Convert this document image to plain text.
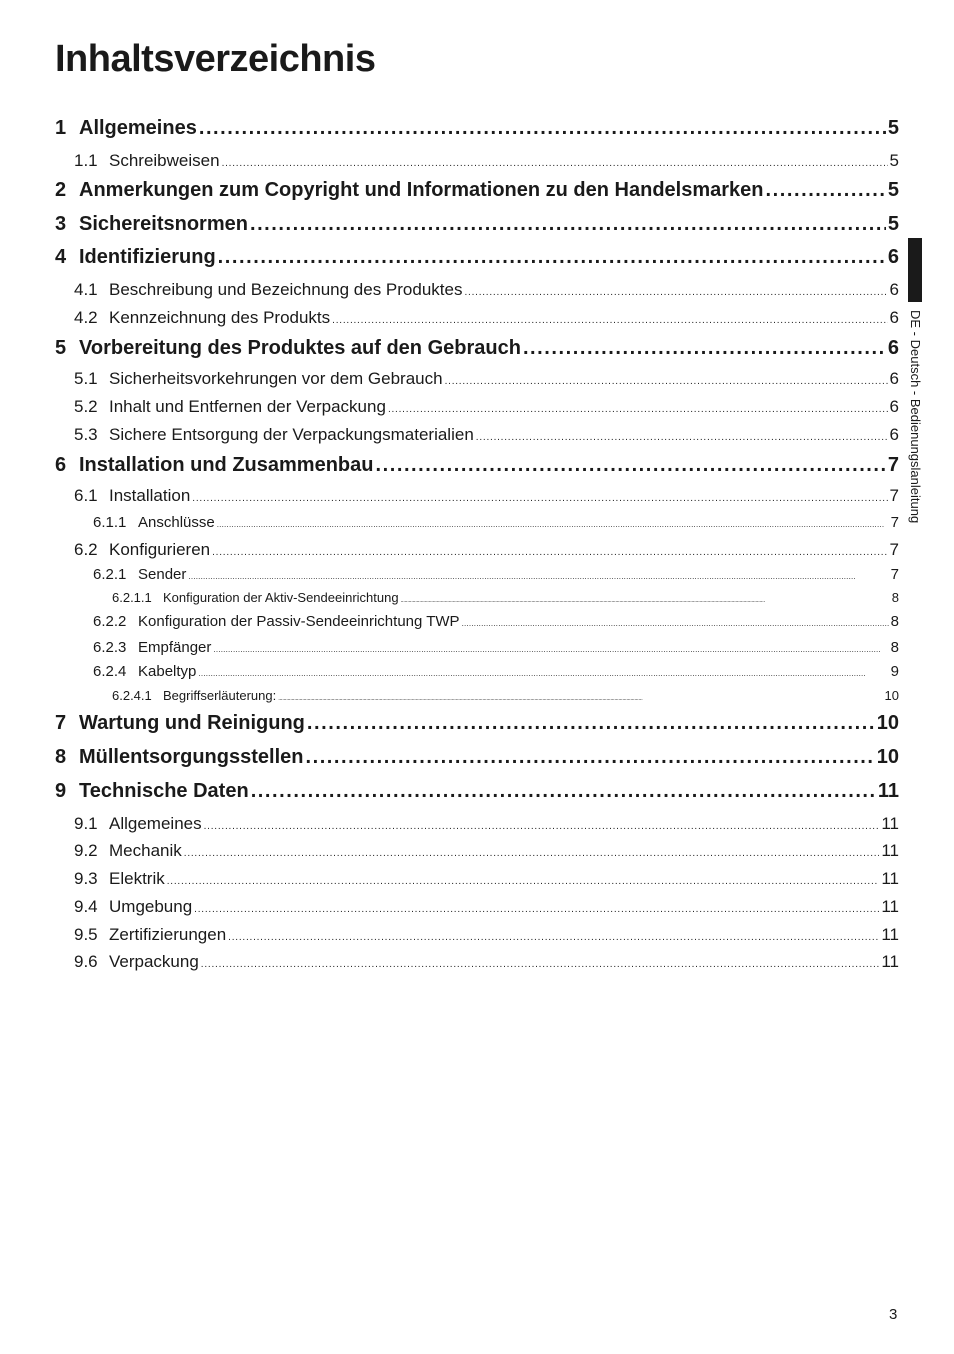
Inhaltsverzeichnis
1 Allgemeines . . .	5
1.1 Schreibweisen . . .	5
2 Anmerkungen zum Copyright und Informationen zu den Handelsmarken . . .	5
3 Sichereitsnormen . . .	5
4 Identifizierung . . .	6
4.1 Beschreibung und Bezeichnung des Produktes . . .	6
4.2 Kennzeichnung des Produkts . . .	6
5 Vorbereitung des Produktes auf den Gebrauch . . .	6
5.1 Sicherheitsvorkehrungen vor dem Gebrauch . . .	6
5.2 Inhalt und Entfernen der Verpackung . . .	6
5.3 Sichere Entsorgung der Verpackungsmaterialien . . .	6
6 Installation und Zusammenbau . . .	7
6.1 Installation . . .	7
6.1.1 Anschlüsse . . .	7
6.2 Konfigurieren . . .	7
6.2.1 Sender . . .	7
6.2.1.1 Konfiguration der Aktiv-Sendeeinrichtung . . .	8
6.2.2 Konfiguration der Passiv-Sendeeinrichtung TWP . . .	8
6.2.3 Empfänger . . .	8
6.2.4 Kabeltyp . . .	9
6.2.4.1 Begriffserläuterung: . . .	10
7 Wartung und Reinigung . . .	10
8 Müllentsorgungsstellen . . .	10
9 Technische Daten . . .	11
9.1 Allgemeines . . .	11
9.2 Mechanik . . .	11
9.3 Elektrik . . .	11
9.4 Umgebung . . .	11
9.5 Zertifizierungen . . .	11
9.6 Verpackung . . .	11
DE - Deutsch - Bedienungslanleitung
3
